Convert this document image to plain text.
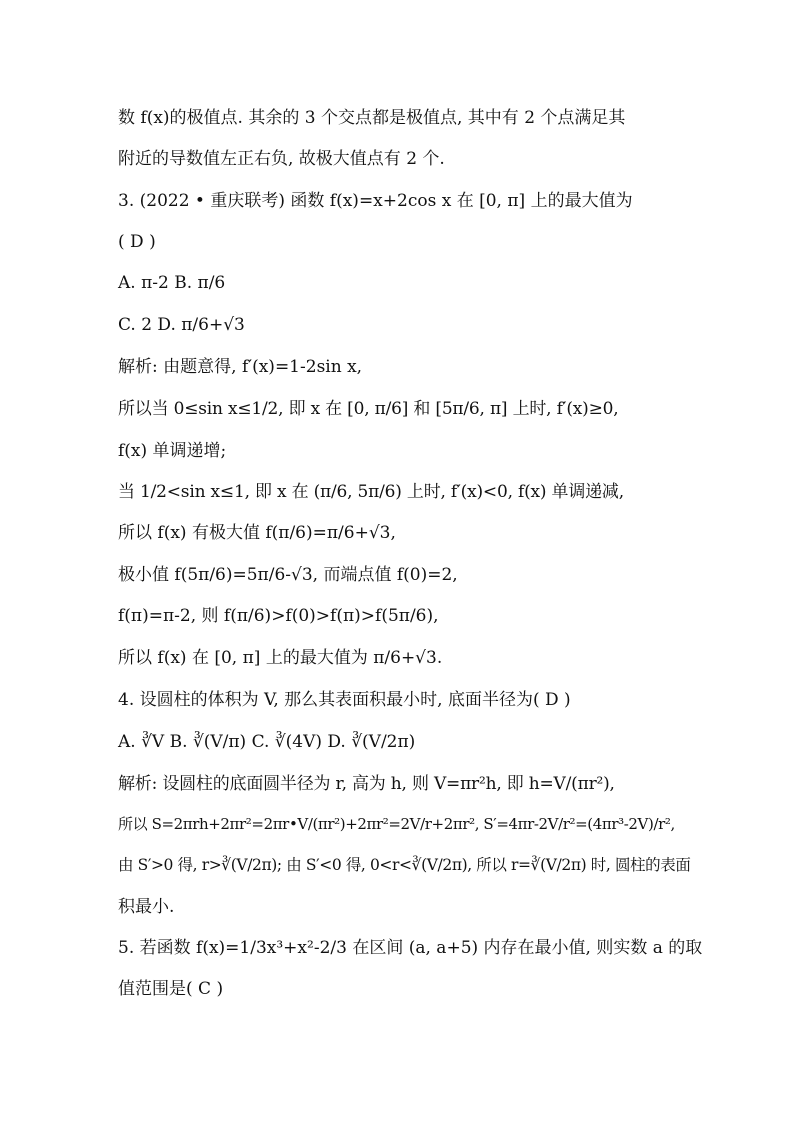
数 f(x)的极值点. 其余的 3 个交点都是极值点, 其中有 2 个点满足其
附近的导数值左正右负, 故极大值点有 2 个.
3. (2022 • 重庆联考) 函数 f(x)=x+2cos x 在 [0, π] 上的最大值为
( D )
A. π-2 B. π/6
C. 2 D. π/6+√3
解析: 由题意得, f′(x)=1-2sin x,
所以当 0≤sin x≤1/2, 即 x 在 [0, π/6] 和 [5π/6, π] 上时, f′(x)≥0,
f(x) 单调递增;
当 1/2<sin x≤1, 即 x 在 (π/6, 5π/6) 上时, f′(x)<0, f(x) 单调递减,
所以 f(x) 有极大值 f(π/6)=π/6+√3,
极小值 f(5π/6)=5π/6-√3, 而端点值 f(0)=2,
f(π)=π-2, 则 f(π/6)>f(0)>f(π)>f(5π/6),
所以 f(x) 在 [0, π] 上的最大值为 π/6+√3.
4. 设圆柱的体积为 V, 那么其表面积最小时, 底面半径为( D )
A. ∛V B. ∛(V/π) C. ∛(4V) D. ∛(V/2π)
解析: 设圆柱的底面圆半径为 r, 高为 h, 则 V=πr²h, 即 h=V/(πr²),
所以 S=2πrh+2πr²=2πr•V/(πr²)+2πr²=2V/r+2πr², S′=4πr-2V/r²=(4πr³-2V)/r²,
由 S′>0 得, r>∛(V/2π); 由 S′<0 得, 0<r<∛(V/2π), 所以 r=∛(V/2π) 时, 圆柱的表面
积最小.
5. 若函数 f(x)=1/3x³+x²-2/3 在区间 (a, a+5) 内存在最小值, 则实数 a 的取
值范围是( C )
